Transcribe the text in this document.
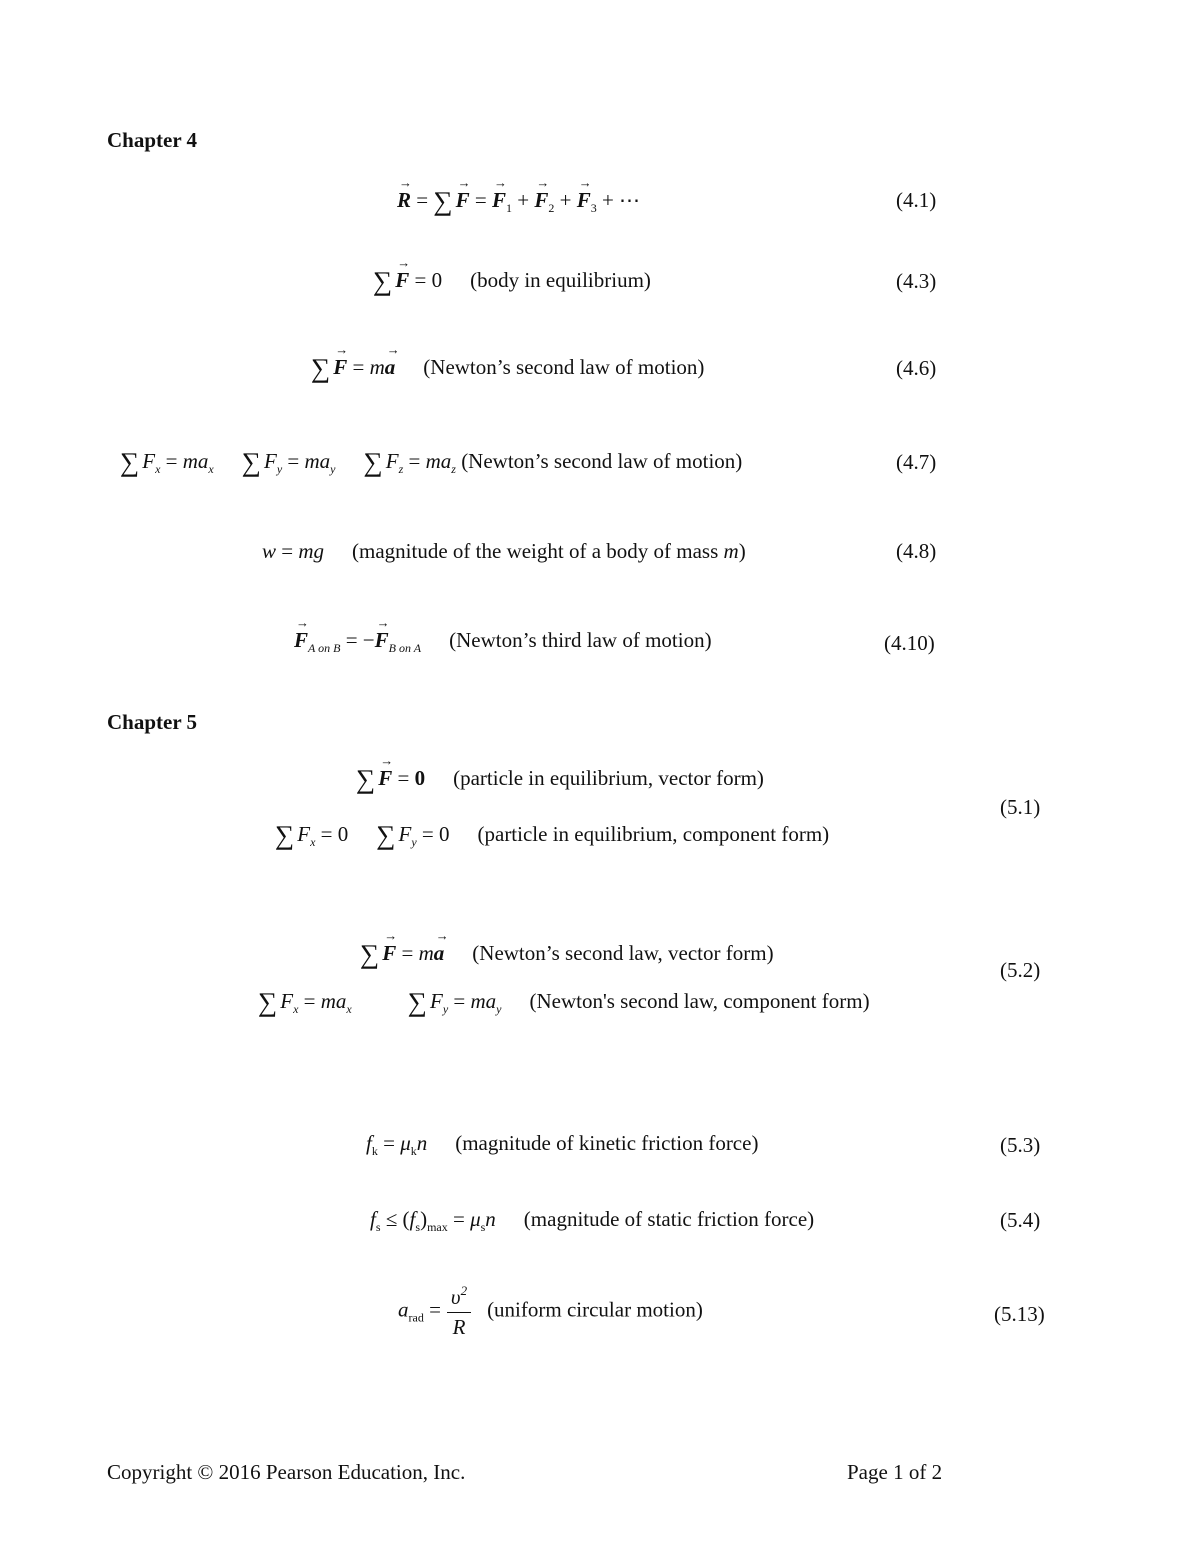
Chapter 4
→ R = ∑ → F = → $F_1$ + → $F_2$ + → $F_3$ + ⋯	(4.1)
∑ → F = 0 (body in equilibrium)	(4.3)
∑ → F = m→ a (Newton’s second law of motion)	(4.6)
∑ $F_x = ma_x$ ∑ $F_y = ma_y$ ∑ $F_z = ma_z$ (Newton’s second law of motion)	(4.7)
w = mg (magnitude of the weight of a body of mass m)	(4.8)
→ $F_{A on B}$ = −→ $F_{B on A}$ (Newton’s third law of motion)	(4.10)
Chapter 5
∑ → F = 0 (particle in equilibrium, vector form)
∑ $F_x = 0$ ∑ $F_y = 0$ (particle in equilibrium, component form)
(5.1)
∑ → F = m→ a (Newton’s second law, vector form)
∑ $F_x = ma_x$ ∑ $F_y = ma_y$ (Newton's second law, component form)
(5.2)
$f_k = \mu_kn$ (magnitude of kinetic friction force)	(5.3)
$f_s \le (f_s)_{max} = \mu_sn$ (magnitude of static friction force)	(5.4)
$a_{rad} = \frac{\upsilon^2}{R}$ (uniform circular motion)	(5.13)
Copyright © 2016 Pearson Education, Inc.	Page 1 of 2
